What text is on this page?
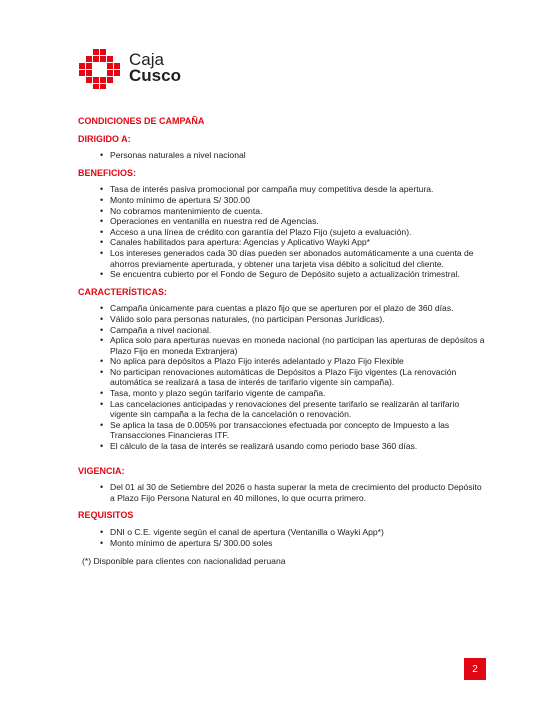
Caja
Cusco

CONDICIONES DE CAMPAÑA

DIRIGIDO A:

• Personas naturales a nivel nacional

BENEFICIOS:

• Tasa de interés pasiva promocional por campaña muy competitiva desde la apertura.
• Monto mínimo de apertura S/ 300.00
• No cobramos mantenimiento de cuenta.
• Operaciones en ventanilla en nuestra red de Agencias.
• Acceso a una línea de crédito con garantía del Plazo Fijo (sujeto a evaluación).
• Canales habilitados para apertura: Agencias y Aplicativo Wayki App*
• Los intereses generados cada 30 días pueden ser abonados automáticamente a una cuenta de ahorros previamente aperturada, y obtener una tarjeta visa débito a solicitud del cliente.
• Se encuentra cubierto por el Fondo de Seguro de Depósito sujeto a actualización trimestral.

CARACTERÍSTICAS:

• Campaña únicamente para cuentas a plazo fijo que se aperturen por el plazo de 360 días.
• Válido solo para personas naturales, (no participan Personas Jurídicas).
• Campaña a nivel nacional.
• Aplica solo para aperturas nuevas en moneda nacional (no participan las aperturas de depósitos a Plazo Fijo en moneda Extranjera)
• No aplica para depósitos a Plazo Fijo interés adelantado y Plazo Fijo Flexible
• No participan renovaciones automáticas de Depósitos a Plazo Fijo vigentes (La renovación automática se realizará a tasa de interés de tarifario vigente sin campaña).
• Tasa, monto y plazo según tarifario vigente de campaña.
• Las cancelaciones anticipadas y renovaciones del presente tarifario se realizarán al tarifario vigente sin campaña a la fecha de la cancelación o renovación.
• Se aplica la tasa de 0.005% por transacciones efectuada por concepto de Impuesto a las Transacciones Financieras ITF.
• El cálculo de la tasa de interés se realizará usando como periodo base 360 días.

VIGENCIA:

• Del 01 al 30 de Setiembre del 2026 o hasta superar la meta de crecimiento del producto Depósito a Plazo Fijo Persona Natural en 40 millones, lo que ocurra primero.

REQUISITOS

• DNI o C.E. vigente según el canal de apertura (Ventanilla o Wayki App*)
• Monto mínimo de apertura S/ 300.00 soles

(*) Disponible para clientes con nacionalidad peruana

2
